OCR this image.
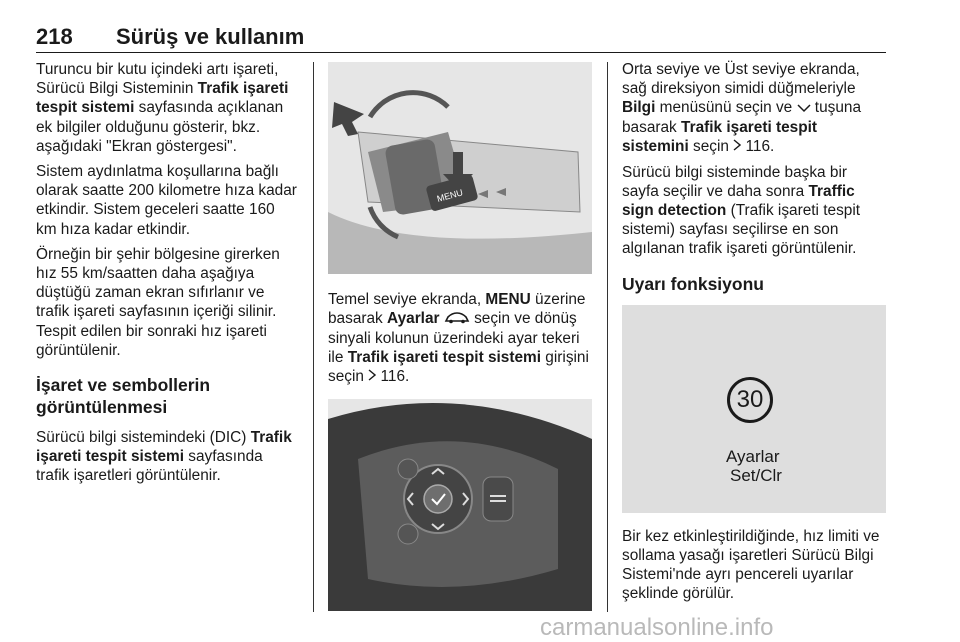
218 Sürüş ve kullanım

Turuncu bir kutu içindeki artı işareti, Sürücü Bilgi Sisteminin Trafik işareti tespit sistemi sayfasında açıklanan ek bilgiler olduğunu gösterir, bkz. aşağıdaki "Ekran göstergesi".

Sistem aydınlatma koşullarına bağlı olarak saatte 200 kilometre hıza kadar etkindir. Sistem geceleri saatte 160 km hıza kadar etkindir.

Örneğin bir şehir bölgesine girerken hız 55 km/saatten daha aşağıya düştüğü zaman ekran sıfırlanır ve trafik işareti sayfasının içeriği silinir. Tespit edilen bir sonraki hız işareti görüntülenir.

İşaret ve sembollerin görüntülenmesi

Sürücü bilgi sistemindeki (DIC) Trafik işareti tespit sistemi sayfasında trafik işaretleri görüntülenir.

MENU

Temel seviye ekranda, MENU üzerine basarak Ayarlar  seçin ve dönüş sinyali kolunun üzerindeki ayar tekeri ile Trafik işareti tespit sistemi girişini seçin  116.

Orta seviye ve Üst seviye ekranda, sağ direksiyon simidi düğmeleriyle Bilgi menüsünü seçin ve  tuşuna basarak Trafik işareti tespit sistemini seçin  116.

Sürücü bilgi sisteminde başka bir sayfa seçilir ve daha sonra Traffic sign detection (Trafik işareti tespit sistemi) sayfası seçilirse en son algılanan trafik işareti görüntülenir.

Uyarı fonksiyonu
30
Ayarlar
Set/Clr

Bir kez etkinleştirildiğinde, hız limiti ve sollama yasağı işaretleri Sürücü Bilgi Sistemi'nde ayrı pencereli uyarılar şeklinde görülür.

carmanualsonline.info
